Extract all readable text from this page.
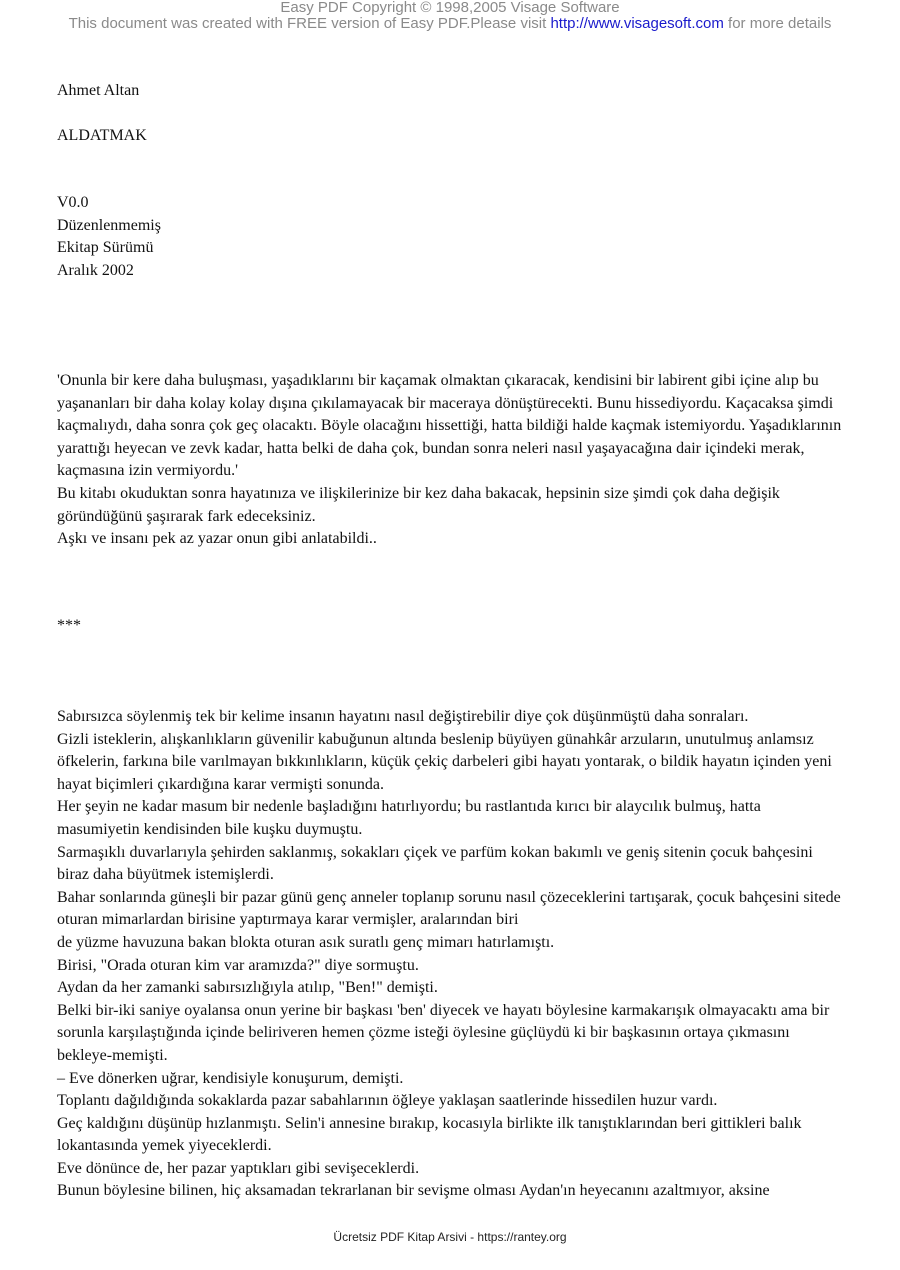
Easy PDF Copyright © 1998,2005 Visage Software
This document was created with FREE version of Easy PDF.Please visit http://www.visagesoft.com for more details

Ahmet Altan

ALDATMAK

V0.0
Düzenlenmemiş
Ekitap Sürümü
Aralık 2002

'Onunla bir kere daha buluşması, yaşadıklarını bir kaçamak olmaktan çıkaracak, kendisini bir labirent gibi içine alıp bu yaşananları bir daha kolay kolay dışına çıkılamayacak bir maceraya dönüştürecekti. Bunu hissediyordu. Kaçacaksa şimdi kaçmalıydı, daha sonra çok geç olacaktı. Böyle olacağını hissettiği, hatta bildiği halde kaçmak istemiyordu. Yaşadıklarının yarattığı heyecan ve zevk kadar, hatta belki de daha çok, bundan sonra neleri nasıl yaşayacağına dair içindeki merak, kaçmasına izin vermiyordu.'

Bu kitabı okuduktan sonra hayatınıza ve ilişkilerinize bir kez daha bakacak, hepsinin size şimdi çok daha değişik göründüğünü şaşırarak fark edeceksiniz.

Aşkı ve insanı pek az yazar onun gibi anlatabildi..

***

Sabırsızca söylenmiş tek bir kelime insanın hayatını nasıl değiştirebilir diye çok düşünmüştü daha sonraları.

Gizli isteklerin, alışkanlıkların güvenilir kabuğunun altında beslenip büyüyen günahkâr arzuların, unutulmuş anlamsız öfkelerin, farkına bile varılmayan bıkkınlıkların, küçük çekiç darbeleri gibi hayatı yontarak, o bildik hayatın içinden yeni hayat biçimleri çıkardığına karar vermişti sonunda.

Her şeyin ne kadar masum bir nedenle başladığını hatırlıyordu; bu rastlantıda kırıcı bir alaycılık bulmuş, hatta masumiyetin kendisinden bile kuşku duymuştu.

Sarmaşıklı duvarlarıyla şehirden saklanmış, sokakları çiçek ve parfüm kokan bakımlı ve geniş sitenin çocuk bahçesini biraz daha büyütmek istemişlerdi.

Bahar sonlarında güneşli bir pazar günü genç anneler toplanıp sorunu nasıl çözeceklerini tartışarak, çocuk bahçesini sitede oturan mimarlardan birisine yaptırmaya karar vermişler, aralarından biri

de yüzme havuzuna bakan blokta oturan asık suratlı genç mimarı hatırlamıştı.

Birisi, "Orada oturan kim var aramızda?" diye sormuştu.

Aydan da her zamanki sabırsızlığıyla atılıp, "Ben!" demişti.

Belki bir-iki saniye oyalansa onun yerine bir başkası 'ben' diyecek ve hayatı böylesine karmakarışık olmayacaktı ama bir sorunla karşılaştığında içinde beliriveren hemen çözme isteği öylesine güçlüydü ki bir başkasının ortaya çıkmasını bekleye-memişti.

– Eve dönerken uğrar, kendisiyle konuşurum, demişti.

Toplantı dağıldığında sokaklarda pazar sabahlarının öğleye yaklaşan saatlerinde hissedilen huzur vardı.

Geç kaldığını düşünüp hızlanmıştı. Selin'i annesine bırakıp, kocasıyla birlikte ilk tanıştıklarından beri gittikleri balık lokantasında yemek yiyeceklerdi.

Eve dönünce de, her pazar yaptıkları gibi sevişeceklerdi.

Bunun böylesine bilinen, hiç aksamadan tekrarlanan bir sevişme olması Aydan'ın heyecanını azaltmıyor, aksine

Ücretsiz PDF Kitap Arsivi - https://rantey.org
